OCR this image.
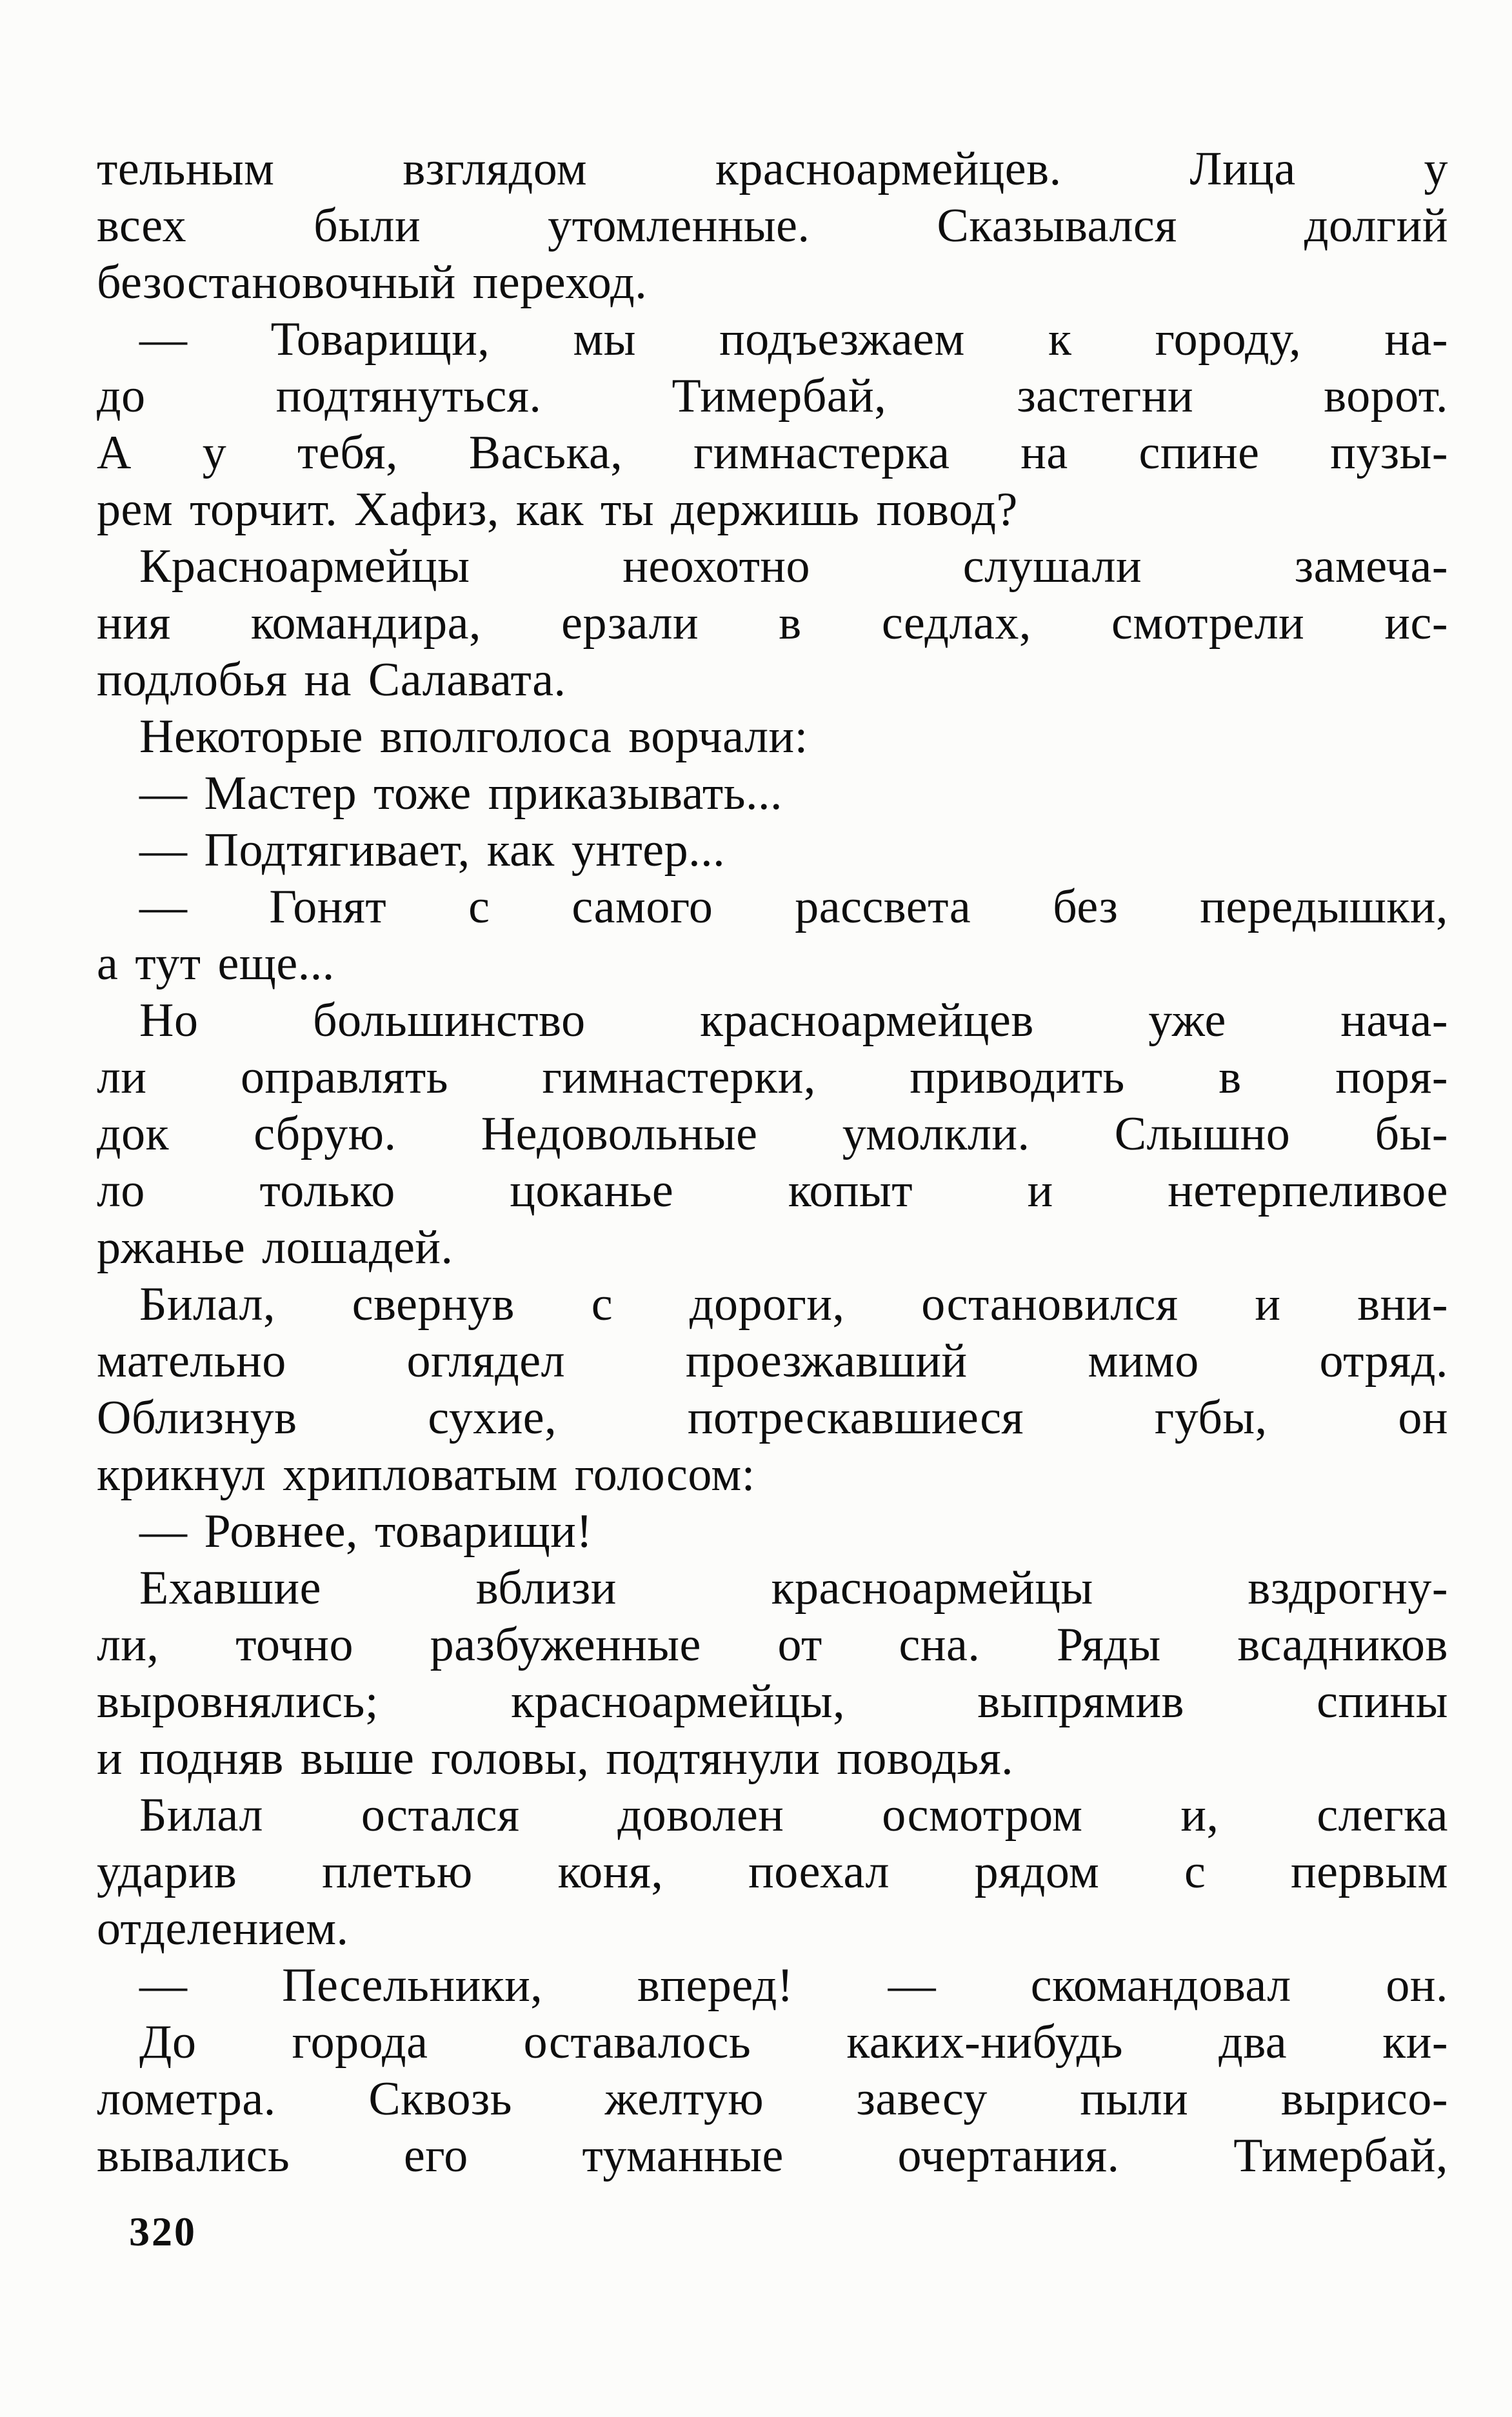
тельным взглядом красноармейцев. Лица у
всех были утомленные. Сказывался долгий
безостановочный переход.
— Товарищи, мы подъезжаем к городу, на-
до подтянуться. Тимербай, застегни ворот.
А у тебя, Васька, гимнастерка на спине пузы-
рем торчит. Хафиз, как ты держишь повод?
Красноармейцы неохотно слушали замеча-
ния командира, ерзали в седлах, смотрели ис-
подлобья на Салавата.
Некоторые вполголоса ворчали:
— Мастер тоже приказывать...
— Подтягивает, как унтер...
— Гонят с самого рассвета без передышки,
а тут еще...
Но большинство красноармейцев уже нача-
ли оправлять гимнастерки, приводить в поря-
док сбрую. Недовольные умолкли. Слышно бы-
ло только цоканье копыт и нетерпеливое
ржанье лошадей.
Билал, свернув с дороги, остановился и вни-
мательно оглядел проезжавший мимо отряд.
Облизнув сухие, потрескавшиеся губы, он
крикнул хрипловатым голосом:
— Ровнее, товарищи!
Ехавшие вблизи красноармейцы вздрогну-
ли, точно разбуженные от сна. Ряды всадников
выровнялись; красноармейцы, выпрямив спины
и подняв выше головы, подтянули поводья.
Билал остался доволен осмотром и, слегка
ударив плетью коня, поехал рядом с первым
отделением.
— Песельники, вперед! — скомандовал он.
До города оставалось каких-нибудь два ки-
лометра. Сквозь желтую завесу пыли вырисо-
вывались его туманные очертания. Тимербай,
320
